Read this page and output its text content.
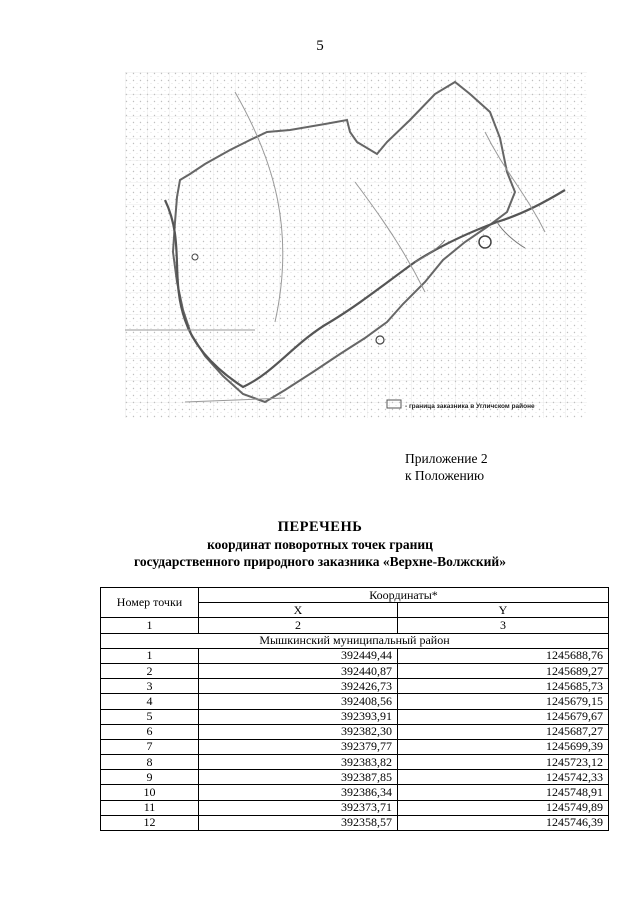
5
- граница заказника в Угличском районе
Приложение 2
к Положению
ПЕРЕЧЕНЬ
координат поворотных точек границ
государственного природного заказника «Верхне-Волжский»
Номер точки	Координаты*	
	X	Y
1	2	3
Мышкинский муниципальный район		
1	392449,44	1245688,76
2	392440,87	1245689,27
3	392426,73	1245685,73
4	392408,56	1245679,15
5	392393,91	1245679,67
6	392382,30	1245687,27
7	392379,77	1245699,39
8	392383,82	1245723,12
9	392387,85	1245742,33
10	392386,34	1245748,91
11	392373,71	1245749,89
12	392358,57	1245746,39
